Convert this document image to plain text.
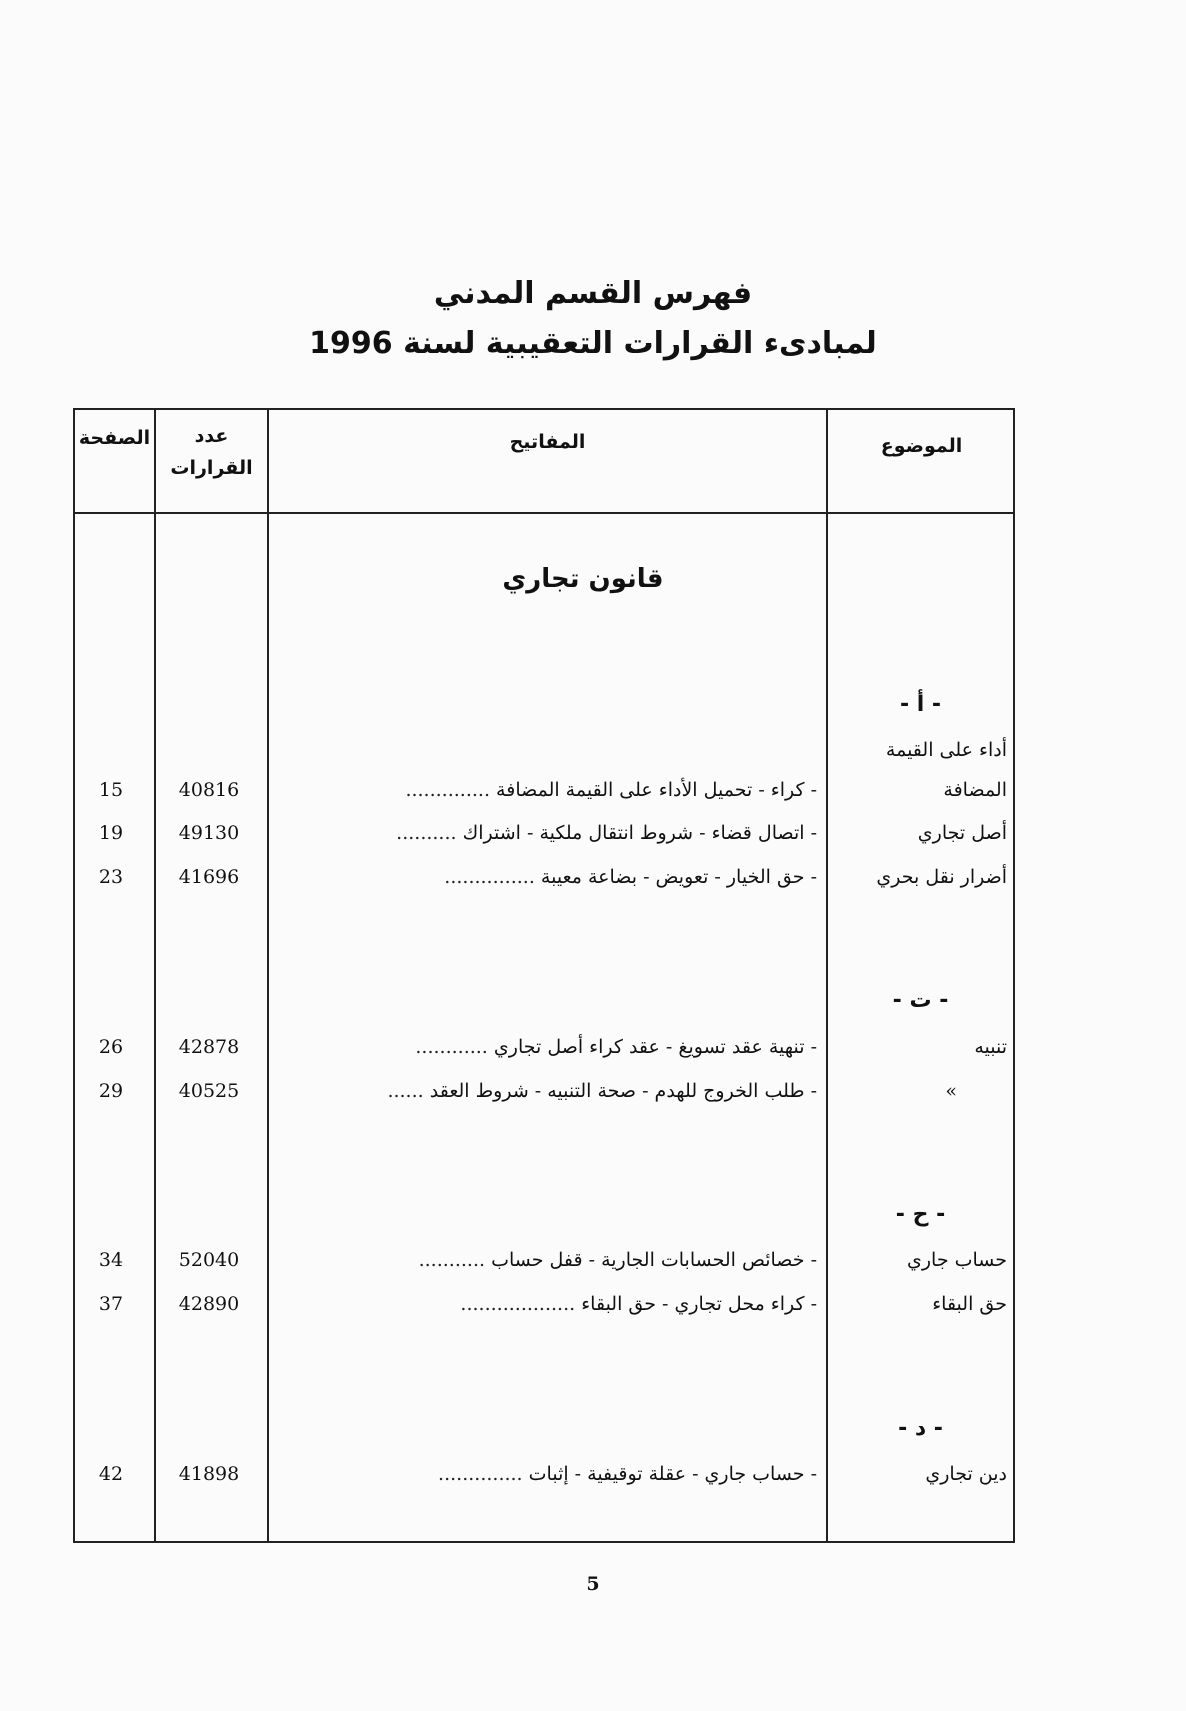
فهرس القسم المدني
لمبادىء القرارات التعقيبية لسنة 1996
الموضوع
المفاتيح
عدد
القرارات
الصفحة
قانون تجاري
- أ -
أداء على القيمة
المضافة
- كراء - تحميل الأداء على القيمة المضافة ..............
40816
15
أصل تجاري
- اتصال قضاء - شروط انتقال ملكية - اشتراك ..........
49130
19
أضرار نقل بحري
- حق الخيار - تعويض - بضاعة معيبة ...............
41696
23
- ت -
تنبيه
- تنهية عقد تسويغ - عقد كراء أصل تجاري ............
42878
26
»
- طلب الخروج للهدم - صحة التنبيه - شروط العقد ......
40525
29
- ح -
حساب جاري
- خصائص الحسابات الجارية - قفل حساب ...........
52040
34
حق البقاء
- كراء محل تجاري - حق البقاء ...................
42890
37
- د -
دين تجاري
- حساب جاري - عقلة توقيفية - إثبات ..............
41898
42
5
